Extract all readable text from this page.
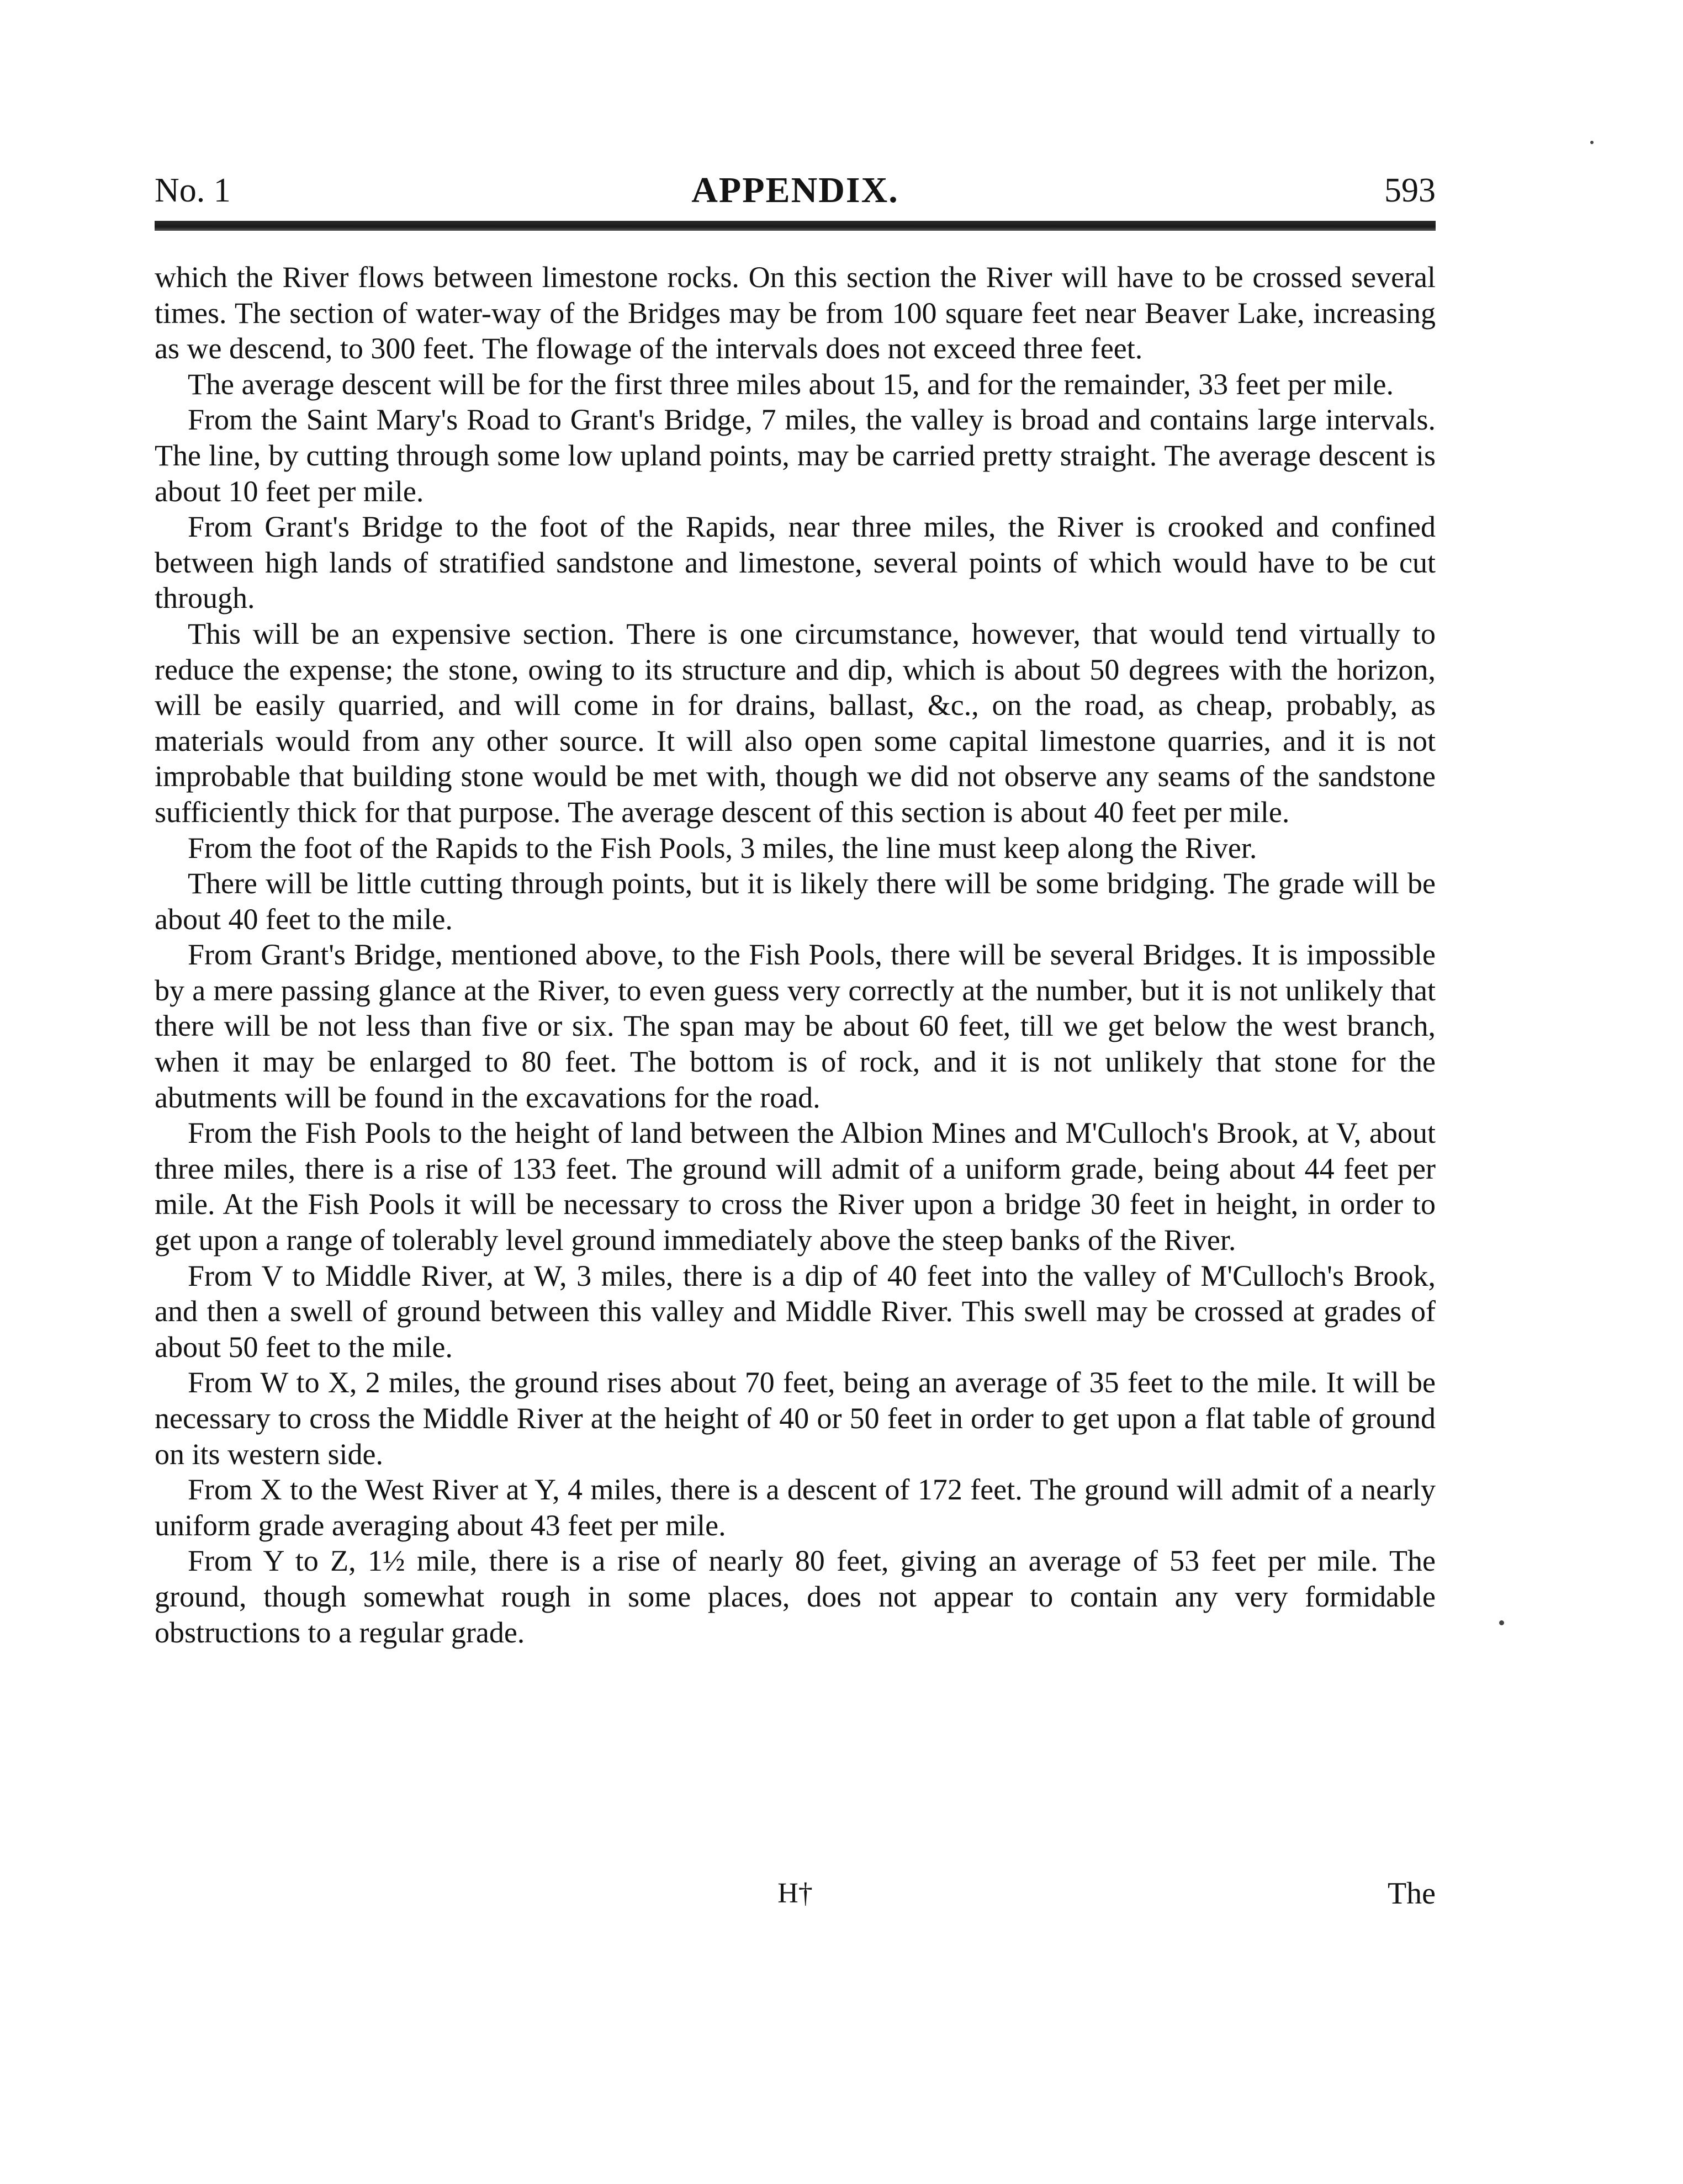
No. 1	APPENDIX.	593

which the River flows between limestone rocks. On this section the River will have to be crossed several times. The section of water-way of the Bridges may be from 100 square feet near Beaver Lake, increasing as we descend, to 300 feet. The flowage of the intervals does not exceed three feet.

The average descent will be for the first three miles about 15, and for the remainder, 33 feet per mile.

From the Saint Mary's Road to Grant's Bridge, 7 miles, the valley is broad and contains large intervals. The line, by cutting through some low upland points, may be carried pretty straight. The average descent is about 10 feet per mile.

From Grant's Bridge to the foot of the Rapids, near three miles, the River is crooked and confined between high lands of stratified sandstone and limestone, several points of which would have to be cut through.

This will be an expensive section. There is one circumstance, however, that would tend virtually to reduce the expense; the stone, owing to its structure and dip, which is about 50 degrees with the horizon, will be easily quarried, and will come in for drains, ballast, &c., on the road, as cheap, probably, as materials would from any other source. It will also open some capital limestone quarries, and it is not improbable that building stone would be met with, though we did not observe any seams of the sandstone sufficiently thick for that purpose. The average descent of this section is about 40 feet per mile.

From the foot of the Rapids to the Fish Pools, 3 miles, the line must keep along the River.

There will be little cutting through points, but it is likely there will be some bridging. The grade will be about 40 feet to the mile.

From Grant's Bridge, mentioned above, to the Fish Pools, there will be several Bridges. It is impossible by a mere passing glance at the River, to even guess very correctly at the number, but it is not unlikely that there will be not less than five or six. The span may be about 60 feet, till we get below the west branch, when it may be enlarged to 80 feet. The bottom is of rock, and it is not unlikely that stone for the abutments will be found in the excavations for the road.

From the Fish Pools to the height of land between the Albion Mines and M'Culloch's Brook, at V, about three miles, there is a rise of 133 feet. The ground will admit of a uniform grade, being about 44 feet per mile. At the Fish Pools it will be necessary to cross the River upon a bridge 30 feet in height, in order to get upon a range of tolerably level ground immediately above the steep banks of the River.

From V to Middle River, at W, 3 miles, there is a dip of 40 feet into the valley of M'Culloch's Brook, and then a swell of ground between this valley and Middle River. This swell may be crossed at grades of about 50 feet to the mile.

From W to X, 2 miles, the ground rises about 70 feet, being an average of 35 feet to the mile. It will be necessary to cross the Middle River at the height of 40 or 50 feet in order to get upon a flat table of ground on its western side.

From X to the West River at Y, 4 miles, there is a descent of 172 feet. The ground will admit of a nearly uniform grade averaging about 43 feet per mile.

From Y to Z, 1½ mile, there is a rise of nearly 80 feet, giving an average of 53 feet per mile. The ground, though somewhat rough in some places, does not appear to contain any very formidable obstructions to a regular grade.

H†	The
